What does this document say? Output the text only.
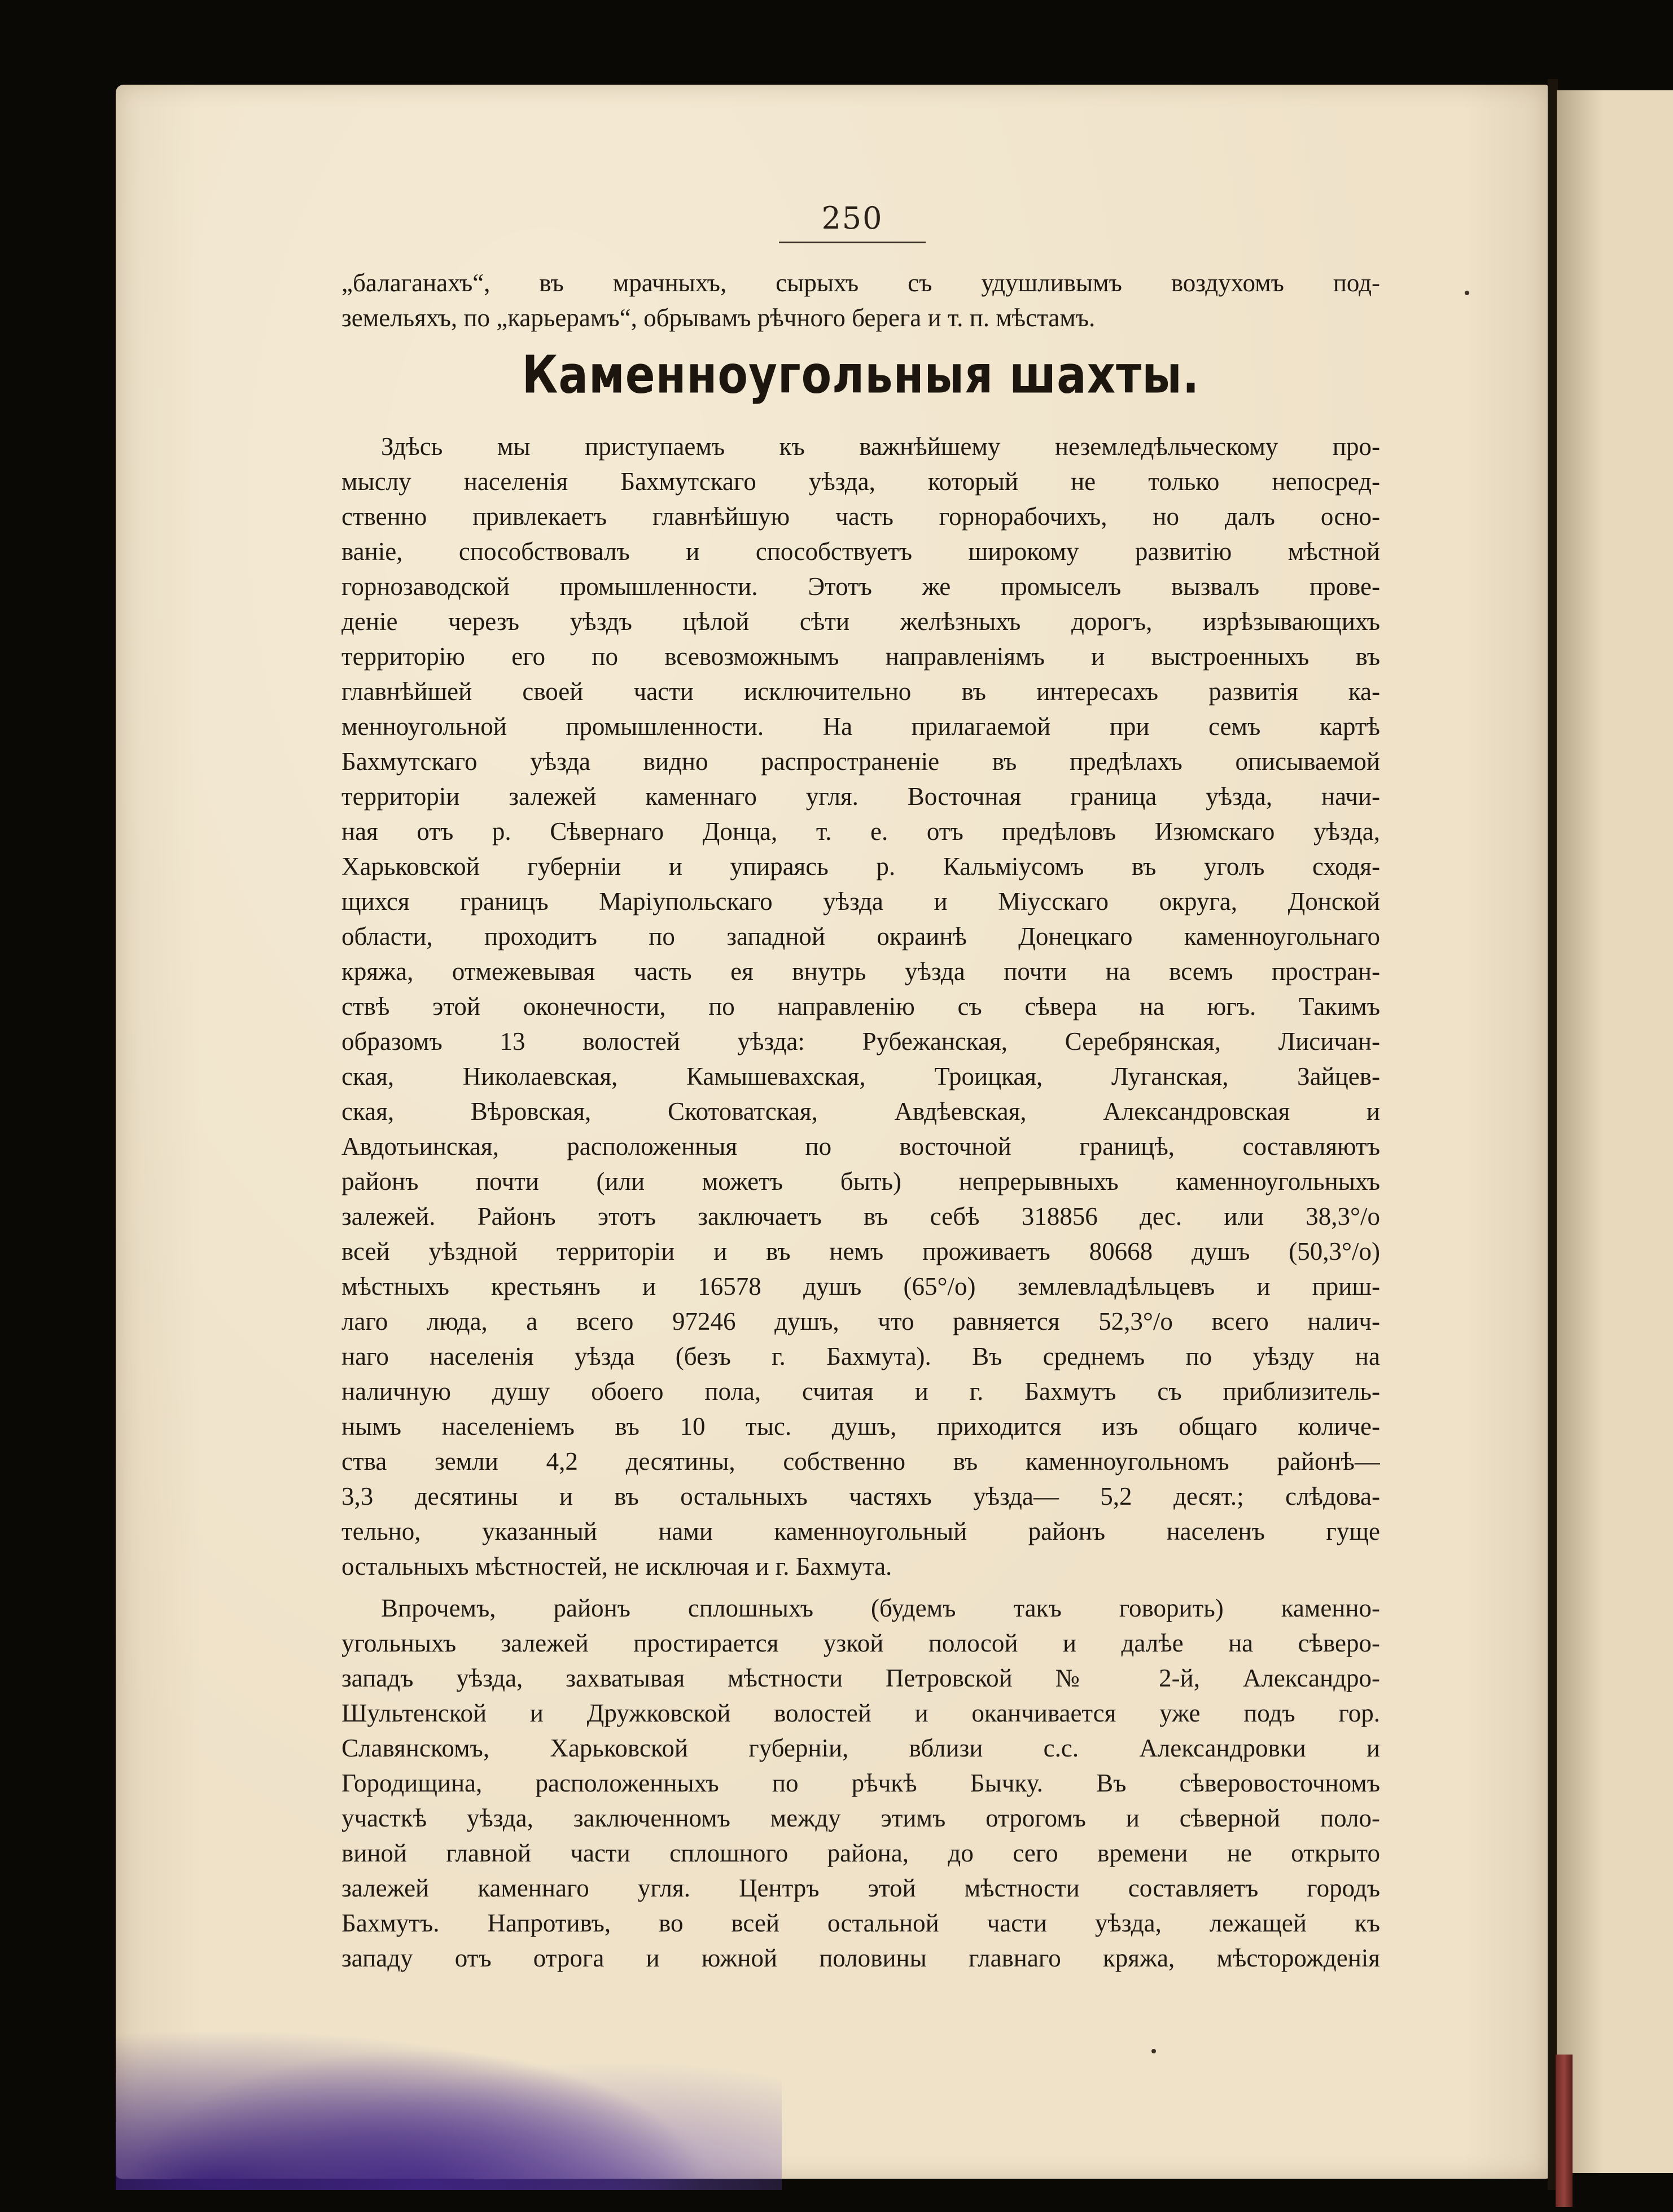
250
„балаганахъ“, въ мрачныхъ, сырыхъ съ удушливымъ воздухомъ под-
земельяхъ, по „карьерамъ“, обрывамъ рѣчного берега и т. п. мѣстамъ.
Каменноугольныя шахты.
Здѣсь мы приступаемъ къ важнѣйшему неземледѣльческому про-
мыслу населенія Бахмутскаго уѣзда, который не только непосред-
ственно привлекаетъ главнѣйшую часть горнорабочихъ, но далъ осно-
ваніе, способствовалъ и способствуетъ широкому развитію мѣстной
горнозаводской промышленности. Этотъ же промыселъ вызвалъ прове-
деніе черезъ уѣздъ цѣлой сѣти желѣзныхъ дорогъ, изрѣзывающихъ
территорію его по всевозможнымъ направленіямъ и выстроенныхъ въ
главнѣйшей своей части исключительно въ интересахъ развитія ка-
менноугольной промышленности. На прилагаемой при семъ картѣ
Бахмутскаго уѣзда видно распространеніе въ предѣлахъ описываемой
территоріи залежей каменнаго угля. Восточная граница уѣзда, начи-
ная отъ р. Сѣвернаго Донца, т. е. отъ предѣловъ Изюмскаго уѣзда,
Харьковской губерніи и упираясь р. Кальміусомъ въ уголъ сходя-
щихся границъ Маріупольскаго уѣзда и Міусскаго округа, Донской
области, проходитъ по западной окраинѣ Донецкаго каменноугольнаго
кряжа, отмежевывая часть ея внутрь уѣзда почти на всемъ простран-
ствѣ этой оконечности, по направленію съ сѣвера на югъ. Такимъ
образомъ 13 волостей уѣзда: Рубежанская, Серебрянская, Лисичан-
ская, Николаевская, Камышевахская, Троицкая, Луганская, Зайцев-
ская, Вѣровская, Скотоватская, Авдѣевская, Александровская и
Авдотьинская, расположенныя по восточной границѣ, составляютъ
районъ почти (или можетъ быть) непрерывныхъ каменноугольныхъ
залежей. Районъ этотъ заключаетъ въ себѣ 318856 дес. или 38,3°/o
всей уѣздной территоріи и въ немъ проживаетъ 80668 душъ (50,3°/o)
мѣстныхъ крестьянъ и 16578 душъ (65°/o) землевладѣльцевъ и приш-
лаго люда, а всего 97246 душъ, что равняется 52,3°/o всего налич-
наго населенія уѣзда (безъ г. Бахмута). Въ среднемъ по уѣзду на
наличную душу обоего пола, считая и г. Бахмутъ съ приблизитель-
нымъ населеніемъ въ 10 тыс. душъ, приходится изъ общаго количе-
ства земли 4,2 десятины, собственно въ каменноугольномъ районѣ—
3,3 десятины и въ остальныхъ частяхъ уѣзда— 5,2 десят.; слѣдова-
тельно, указанный нами каменноугольный районъ населенъ гуще
остальныхъ мѣстностей, не исключая и г. Бахмута.
Впрочемъ, районъ сплошныхъ (будемъ такъ говорить) каменно-
угольныхъ залежей простирается узкой полосой и далѣе на сѣверо-
западъ уѣзда, захватывая мѣстности Петровской № 2-й, Александро-
Шультенской и Дружковской волостей и оканчивается уже подъ гор.
Славянскомъ, Харьковской губерніи, вблизи с.с. Александровки и
Городищина, расположенныхъ по рѣчкѣ Бычку. Въ сѣверовосточномъ
участкѣ уѣзда, заключенномъ между этимъ отрогомъ и сѣверной поло-
виной главной части сплошного района, до сего времени не открыто
залежей каменнаго угля. Центръ этой мѣстности составляетъ городъ
Бахмутъ. Напротивъ, во всей остальной части уѣзда, лежащей къ
западу отъ отрога и южной половины главнаго кряжа, мѣсторожденія
